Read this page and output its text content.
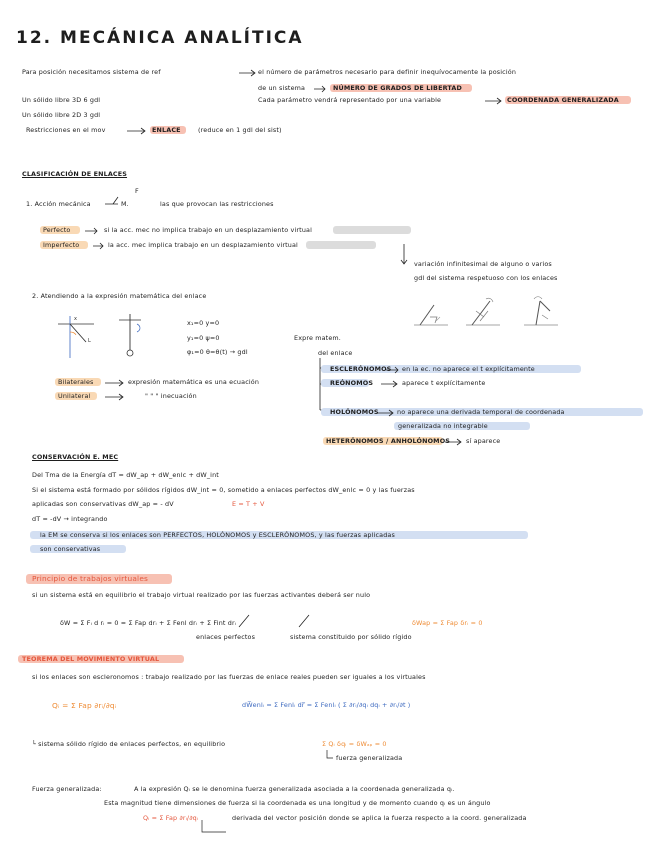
12. MECÁNICA ANALÍTICA
Para posición necesitamos sistema de ref	el número de parámetros necesario para definir inequívocamente la posición
de un sistema	NÚMERO DE GRADOS DE LIBERTAD
Un sólido libre 3D 6 gdl	Cada parámetro vendrá representado por una variable	COORDENADA GENERALIZADA
Un sólido libre 2D 3 gdl
Restricciones en el mov	ENLACE	(reduce en 1 gdl del sist)
CLASIFICACIÓN DE ENLACES
1. Acción mecánica
F
M.	las que provocan las restricciones
Perfecto	si la acc. mec no implica trabajo en un desplazamiento virtual
Imperfecto	la acc. mec implica trabajo en un desplazamiento virtual
variación infinitesimal de alguno o varios
gdl del sistema respetuoso con los enlaces
2. Atendiendo a la expresión matemática del enlace
L
x	x₁=0 y=0
y₁=0 ψ=0
φ₁=0 θ=θ(t) → gdl
Expre matem.
del enlace
Bilaterales	expresión matemática es una ecuación
Unilateral	" " " inecuación
ESCLERÓNOMOS en la ec. no aparece el t explícitamente
REÓNOMOS	aparece t explícitamente
HOLÓNOMOS	no aparece una derivada temporal de coordenada
generalizada no integrable
HETERÓNOMOS / ANHOLÓNOMOS sí aparece
CONSERVACIÓN E. MEC
Del Tma de la Energía dT = dW_ap + dW_enlc + dW_int
Si el sistema está formado por sólidos rígidos dW_int = 0, sometido a enlaces perfectos dW_enlc = 0 y las fuerzas
aplicadas son conservativas dW_ap = - dV	E = T + V
dT = -dV → integrando
la EM se conserva si los enlaces son PERFECTOS, HOLÓNOMOS y ESCLERÓNOMOS, y las fuerzas aplicadas
son conservativas
Principio de trabajos virtuales
si un sistema está en equilibrio el trabajo virtual realizado por las fuerzas activantes deberá ser nulo
δW = Σ Fᵢ d rᵢ = 0 = Σ Fap drᵢ + Σ Fenl drᵢ + Σ Fint drᵢ
enlaces perfectos	sistema constituido por sólido rígido
δWap = Σ Fap δrᵢ = 0
TEOREMA DEL MOVIMIENTO VIRTUAL
si los enlaces son escleronomos : trabajo realizado por las fuerzas de enlace reales pueden ser iguales a los virtuales
Qᵢ = Σ Fap ∂rᵢ/∂qᵢ	dW̅enlᵢ = Σ Fenlᵢ dr̅ = Σ Fenlᵢ ( Σ ∂rᵢ/∂qᵢ dqᵢ + ∂rᵢ/∂t )
└ sistema sólido rígido de enlaces perfectos, en equilibrio	Σ Qᵢ δqᵢ = δWₐₚ = 0
fuerza generalizada
Fuerza generalizada:	A la expresión Qᵢ se le denomina fuerza generalizada asociada a la coordenada generalizada qᵢ.
Esta magnitud tiene dimensiones de fuerza si la coordenada es una longitud y de momento cuando qᵢ es un ángulo
Qᵢ = Σ Fap ∂rᵢ/∂qᵢ	derivada del vector posición donde se aplica la fuerza respecto a la coord. generalizada
